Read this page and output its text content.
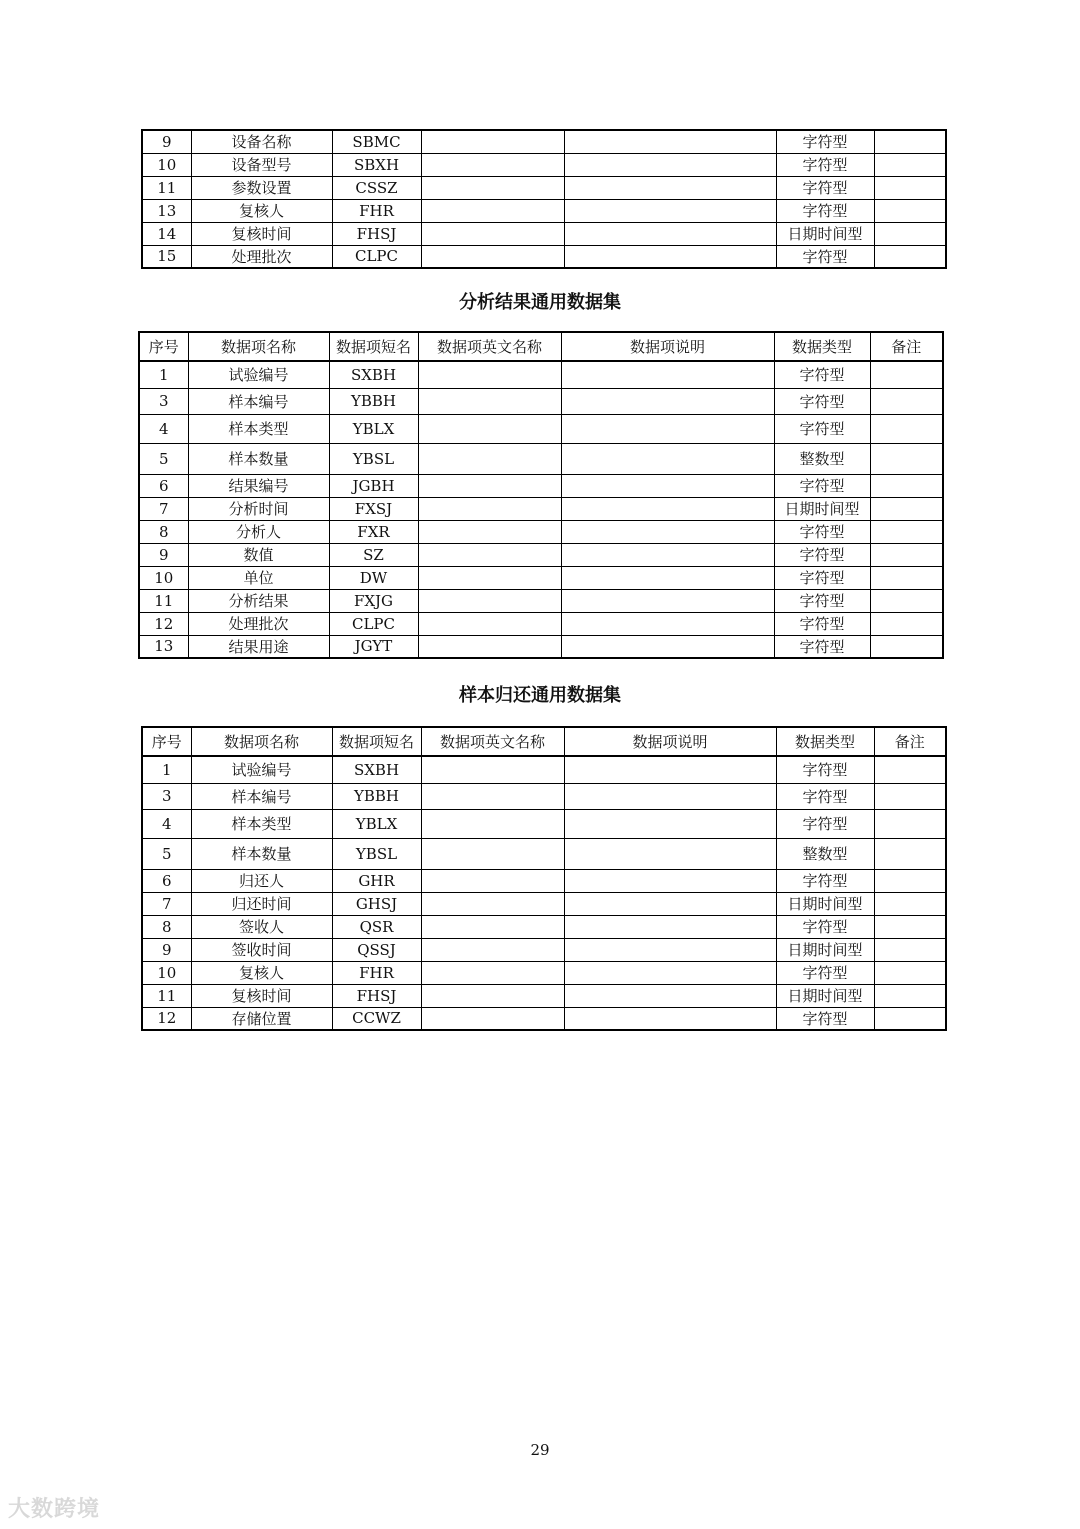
9	设备名称	SBMC			字符型	
10	设备型号	SBXH			字符型	
11	参数设置	CSSZ			字符型	
13	复核人	FHR			字符型	
14	复核时间	FHSJ			日期时间型	
15	处理批次	CLPC			字符型	
分析结果通用数据集
序号	数据项名称	数据项短名	数据项英文名称	数据项说明	数据类型	备注
1	试验编号	SXBH			字符型	
3	样本编号	YBBH			字符型	
4	样本类型	YBLX			字符型	
5	样本数量	YBSL			整数型	
6	结果编号	JGBH			字符型	
7	分析时间	FXSJ			日期时间型	
8	分析人	FXR			字符型	
9	数值	SZ			字符型	
10	单位	DW			字符型	
11	分析结果	FXJG			字符型	
12	处理批次	CLPC			字符型	
13	结果用途	JGYT			字符型	
样本归还通用数据集
序号	数据项名称	数据项短名	数据项英文名称	数据项说明	数据类型	备注
1	试验编号	SXBH			字符型	
3	样本编号	YBBH			字符型	
4	样本类型	YBLX			字符型	
5	样本数量	YBSL			整数型	
6	归还人	GHR			字符型	
7	归还时间	GHSJ			日期时间型	
8	签收人	QSR			字符型	
9	签收时间	QSSJ			日期时间型	
10	复核人	FHR			字符型	
11	复核时间	FHSJ			日期时间型	
12	存储位置	CCWZ			字符型	
29
大数跨境
